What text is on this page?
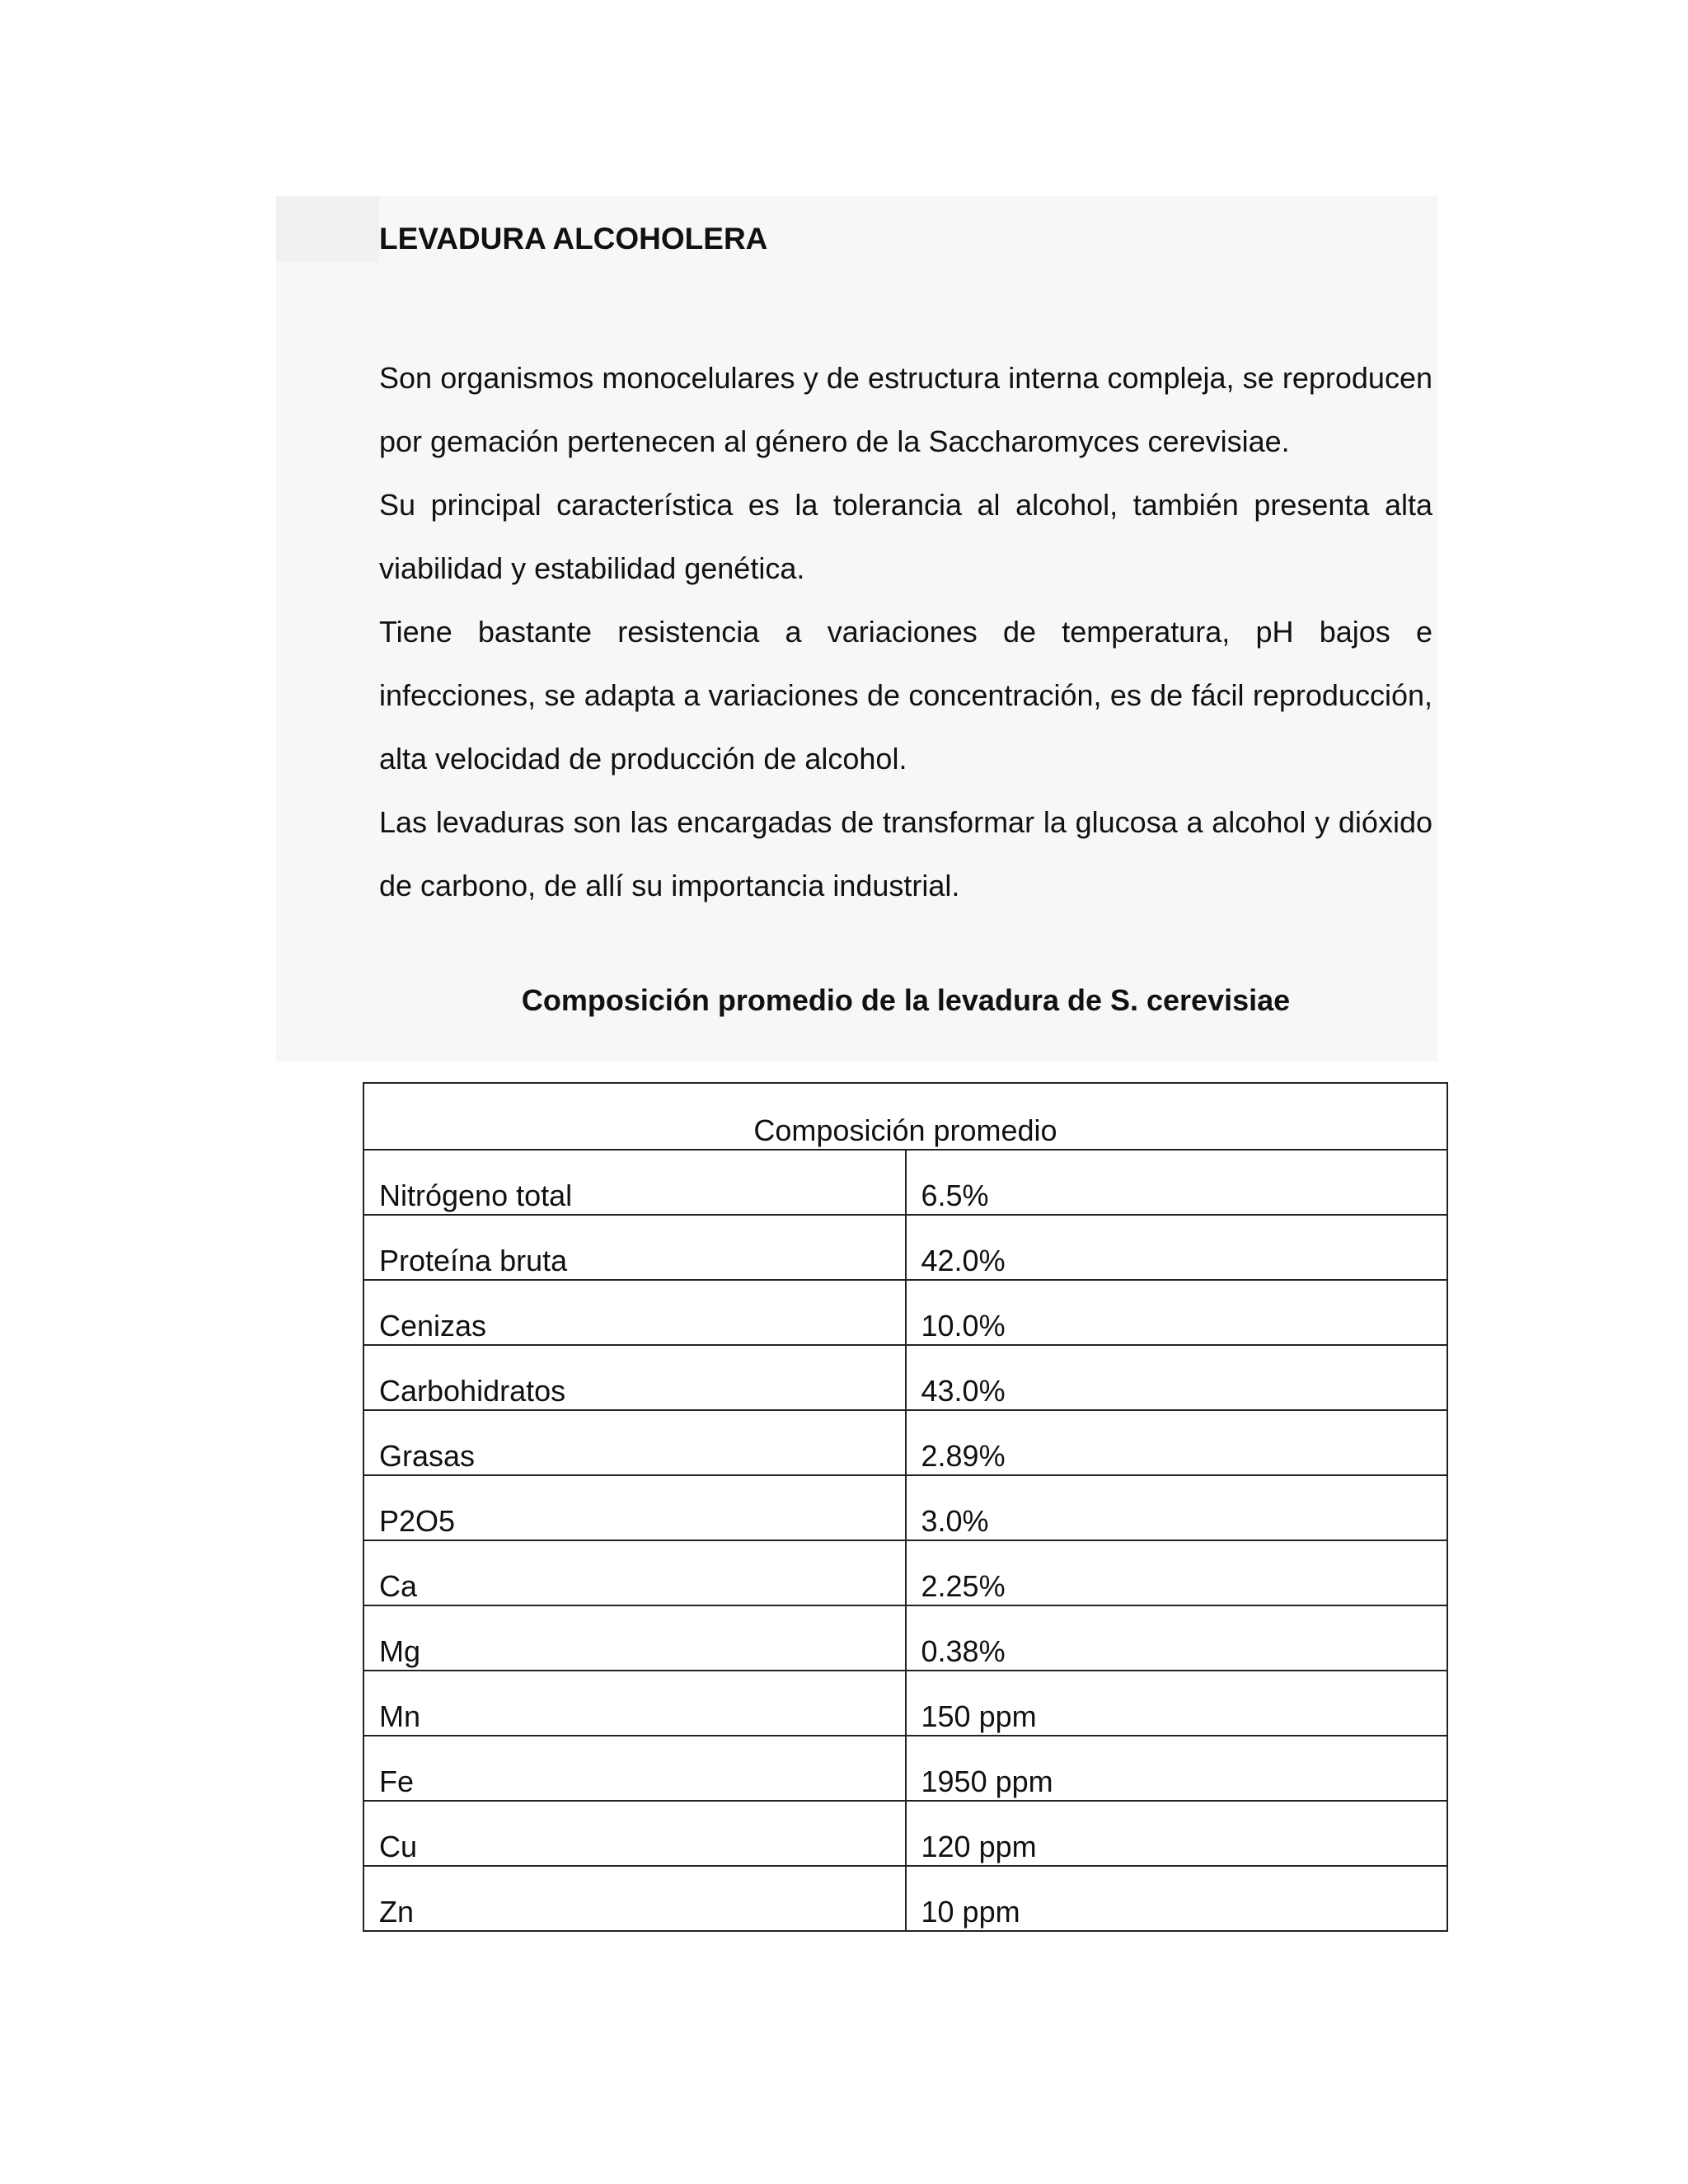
LEVADURA ALCOHOLERA

Son organismos monocelulares y de estructura interna compleja, se reproducen por gemación pertenecen al género de la Saccharomyces cerevisiae.

Su principal característica es la tolerancia al alcohol, también presenta alta viabilidad y estabilidad genética.

Tiene bastante resistencia a variaciones de temperatura, pH bajos e infecciones, se adapta a variaciones de concentración, es de fácil reproducción, alta velocidad de producción de alcohol.

Las levaduras son las encargadas de transformar la glucosa a alcohol y dióxido de carbono, de allí su importancia industrial.

Composición promedio de la levadura de S. cerevisiae
Composición promedio	
Nitrógeno total	6.5%
Proteína bruta	42.0%
Cenizas	10.0%
Carbohidratos	43.0%
Grasas	2.89%
P2O5	3.0%
Ca	2.25%
Mg	0.38%
Mn	150 ppm
Fe	1950 ppm
Cu	120 ppm
Zn	10 ppm
